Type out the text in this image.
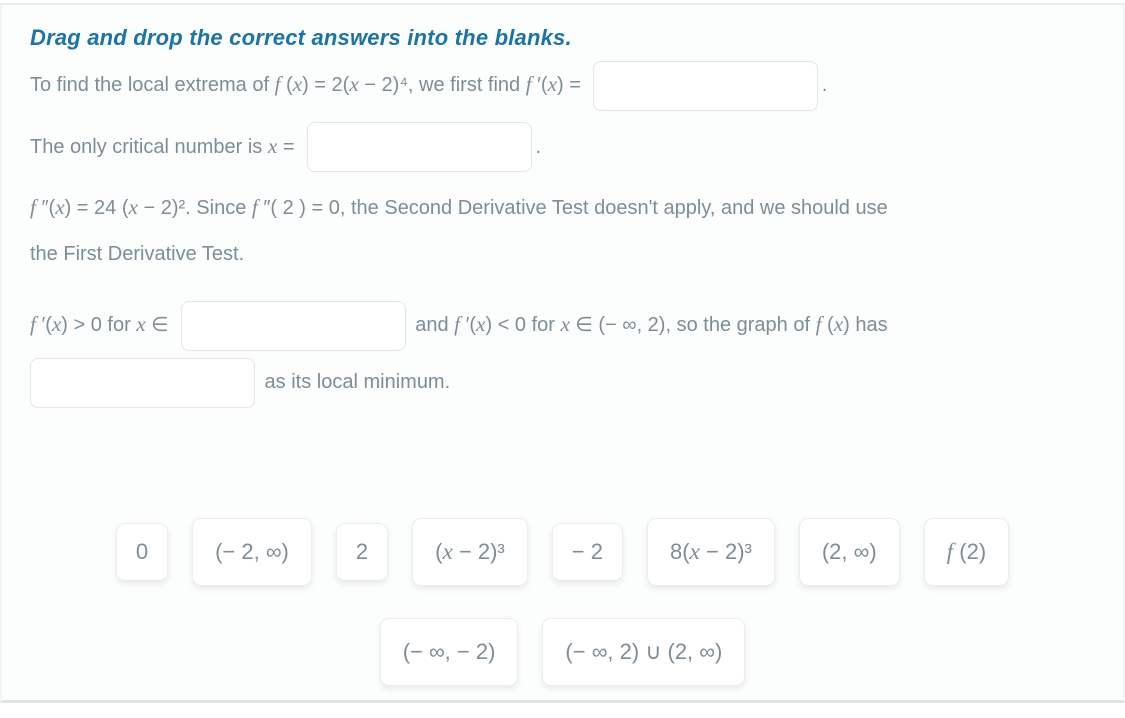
Drag and drop the correct answers into the blanks.
To find the local extrema of f (x) = 2(x − 2)⁴, we first find f ′(x) =	.
The only critical number is x =	.
f ″(x) = 24 (x − 2)². Since f ″( 2 ) = 0, the Second Derivative Test doesn't apply, and we should use
the First Derivative Test.
f ′(x) > 0 for x ∈	and f ′(x) < 0 for x ∈ (− ∞, 2), so the graph of f (x) has
as its local minimum.
0	(− 2, ∞)	2	(x − 2)³	− 2	8(x − 2)³	(2, ∞)	f (2)
(− ∞, − 2)	(− ∞, 2) ∪ (2, ∞)
